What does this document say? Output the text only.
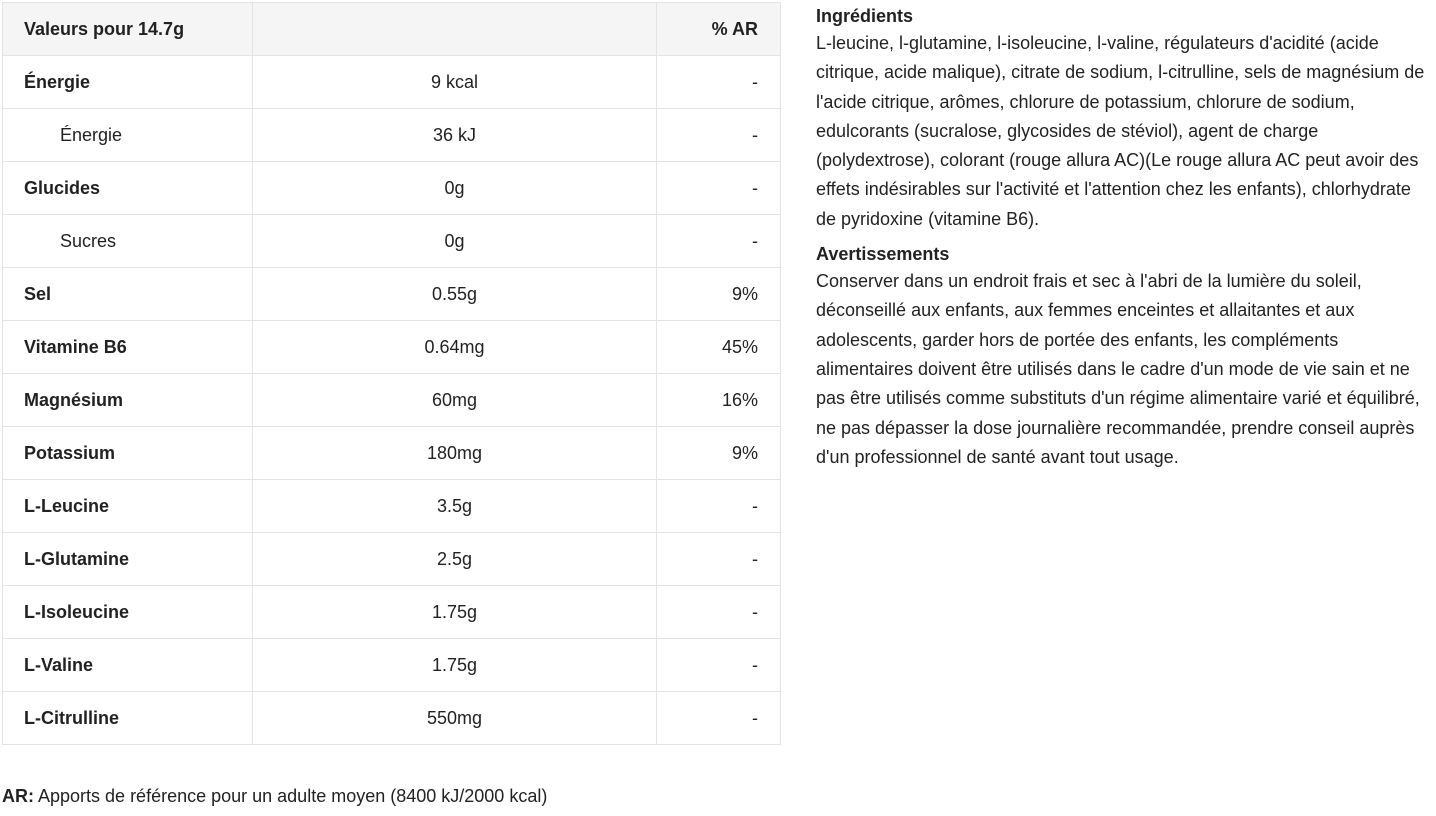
Valeurs pour 14.7g		% AR
Énergie	9 kcal	-
Énergie	36 kJ	-
Glucides	0g	-
Sucres	0g	-
Sel	0.55g	9%
Vitamine B6	0.64mg	45%
Magnésium	60mg	16%
Potassium	180mg	9%
L-Leucine	3.5g	-
L-Glutamine	2.5g	-
L-Isoleucine	1.75g	-
L-Valine	1.75g	-
L-Citrulline	550mg	-
AR: Apports de référence pour un adulte moyen (8400 kJ/2000 kcal)
Ingrédients

L-leucine, l-glutamine, l-isoleucine, l-valine, régulateurs d'acidité (acide citrique, acide malique), citrate de sodium, l-citrulline, sels de magnésium de l'acide citrique, arômes, chlorure de potassium, chlorure de sodium, edulcorants (sucralose, glycosides de stéviol), agent de charge (polydextrose), colorant (rouge allura AC)(Le rouge allura AC peut avoir des effets indésirables sur l'activité et l'attention chez les enfants), chlorhydrate de pyridoxine (vitamine B6).

Avertissements

Conserver dans un endroit frais et sec à l'abri de la lumière du soleil, déconseillé aux enfants, aux femmes enceintes et allaitantes et aux adolescents, garder hors de portée des enfants, les compléments alimentaires doivent être utilisés dans le cadre d'un mode de vie sain et ne pas être utilisés comme substituts d'un régime alimentaire varié et équilibré, ne pas dépasser la dose journalière recommandée, prendre conseil auprès d'un professionnel de santé avant tout usage.
